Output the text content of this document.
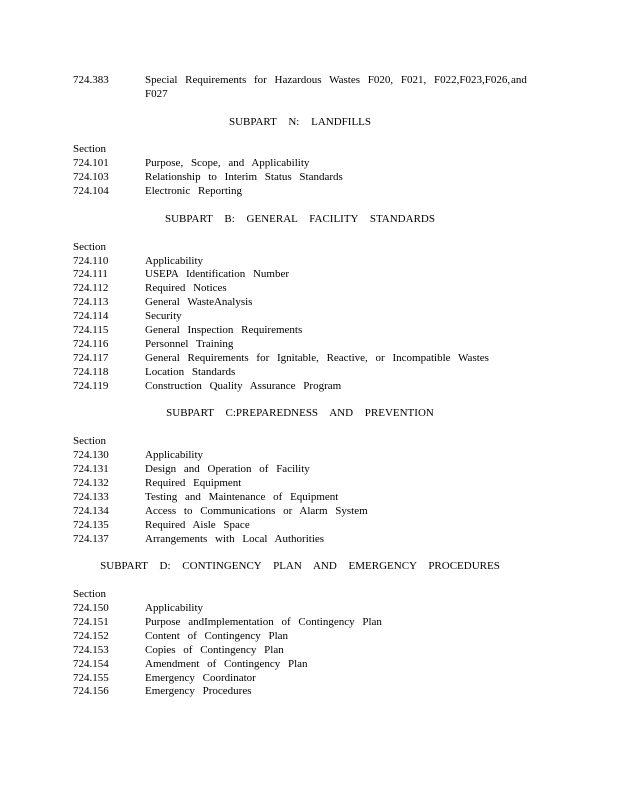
724.383	Special Requirements for Hazardous Wastes F020, F021, F022,F023,F026, and
F027
SUBPART N: LANDFILLS
Section
724.101	Purpose, Scope, and Applicability
724.103	Relationship to Interim Status Standards
724.104	Electronic Reporting
SUBPART B: GENERAL FACILITY STANDARDS
Section
724.110	Applicability
724.111	USEPA Identification Number
724.112	Required Notices
724.113	General WasteAnalysis
724.114	Security
724.115	General Inspection Requirements
724.116	Personnel Training
724.117	General Requirements for Ignitable, Reactive, or Incompatible Wastes
724.118	Location Standards
724.119	Construction Quality Assurance Program
SUBPART C:PREPAREDNESS AND PREVENTION
Section
724.130	Applicability
724.131	Design and Operation of Facility
724.132	Required Equipment
724.133	Testing and Maintenance of Equipment
724.134	Access to Communications or Alarm System
724.135	Required Aisle Space
724.137	Arrangements with Local Authorities
SUBPART D: CONTINGENCY PLAN AND EMERGENCY PROCEDURES
Section
724.150	Applicability
724.151	Purpose andImplementation of Contingency Plan
724.152	Content of Contingency Plan
724.153	Copies of Contingency Plan
724.154	Amendment of Contingency Plan
724.155	Emergency Coordinator
724.156	Emergency Procedures
